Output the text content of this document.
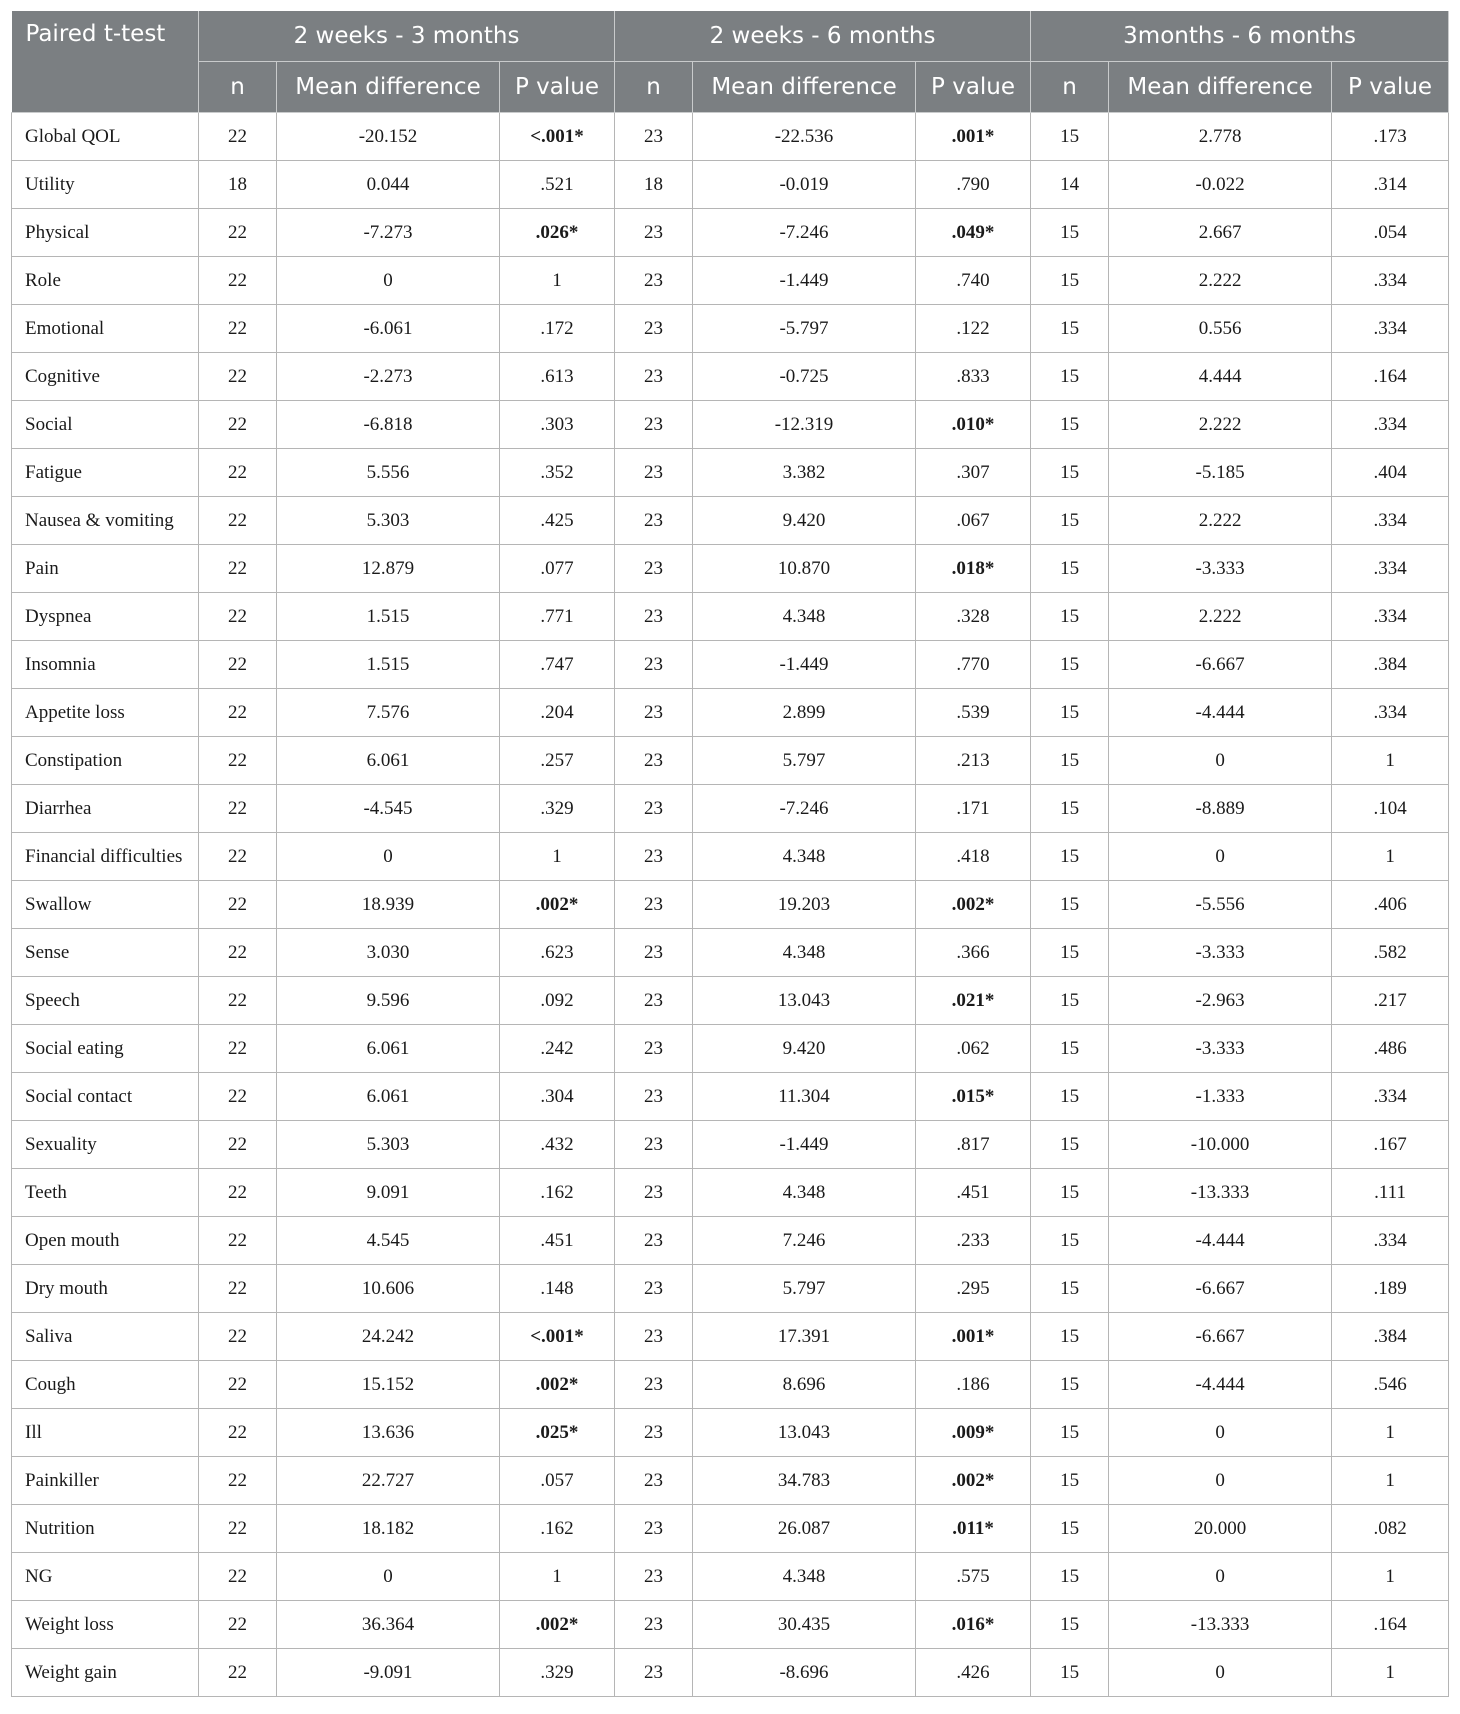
Paired t-test	2 weeks - 3 months			2 weeks - 6 months			3months - 6 months		
	n	Mean difference	P value	n	Mean difference	P value	n	Mean difference	P value
Global QOL	22	-20.152	<.001*	23	-22.536	.001*	15	2.778	.173
Utility	18	0.044	.521	18	-0.019	.790	14	-0.022	.314
Physical	22	-7.273	.026*	23	-7.246	.049*	15	2.667	.054
Role	22	0	1	23	-1.449	.740	15	2.222	.334
Emotional	22	-6.061	.172	23	-5.797	.122	15	0.556	.334
Cognitive	22	-2.273	.613	23	-0.725	.833	15	4.444	.164
Social	22	-6.818	.303	23	-12.319	.010*	15	2.222	.334
Fatigue	22	5.556	.352	23	3.382	.307	15	-5.185	.404
Nausea & vomiting	22	5.303	.425	23	9.420	.067	15	2.222	.334
Pain	22	12.879	.077	23	10.870	.018*	15	-3.333	.334
Dyspnea	22	1.515	.771	23	4.348	.328	15	2.222	.334
Insomnia	22	1.515	.747	23	-1.449	.770	15	-6.667	.384
Appetite loss	22	7.576	.204	23	2.899	.539	15	-4.444	.334
Constipation	22	6.061	.257	23	5.797	.213	15	0	1
Diarrhea	22	-4.545	.329	23	-7.246	.171	15	-8.889	.104
Financial difficulties	22	0	1	23	4.348	.418	15	0	1
Swallow	22	18.939	.002*	23	19.203	.002*	15	-5.556	.406
Sense	22	3.030	.623	23	4.348	.366	15	-3.333	.582
Speech	22	9.596	.092	23	13.043	.021*	15	-2.963	.217
Social eating	22	6.061	.242	23	9.420	.062	15	-3.333	.486
Social contact	22	6.061	.304	23	11.304	.015*	15	-1.333	.334
Sexuality	22	5.303	.432	23	-1.449	.817	15	-10.000	.167
Teeth	22	9.091	.162	23	4.348	.451	15	-13.333	.111
Open mouth	22	4.545	.451	23	7.246	.233	15	-4.444	.334
Dry mouth	22	10.606	.148	23	5.797	.295	15	-6.667	.189
Saliva	22	24.242	<.001*	23	17.391	.001*	15	-6.667	.384
Cough	22	15.152	.002*	23	8.696	.186	15	-4.444	.546
Ill	22	13.636	.025*	23	13.043	.009*	15	0	1
Painkiller	22	22.727	.057	23	34.783	.002*	15	0	1
Nutrition	22	18.182	.162	23	26.087	.011*	15	20.000	.082
NG	22	0	1	23	4.348	.575	15	0	1
Weight loss	22	36.364	.002*	23	30.435	.016*	15	-13.333	.164
Weight gain	22	-9.091	.329	23	-8.696	.426	15	0	1
